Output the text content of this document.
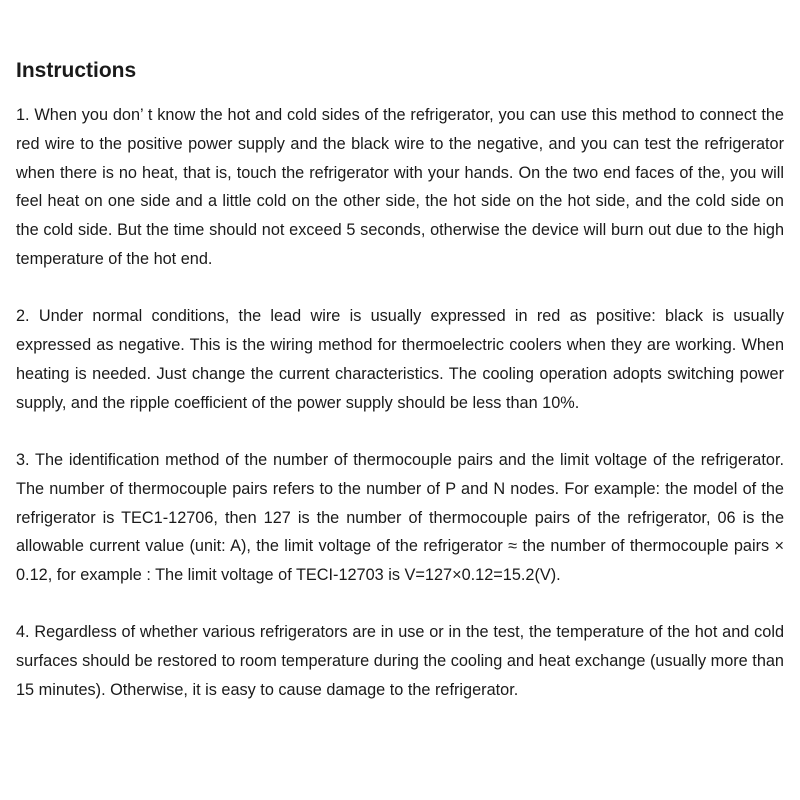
Instructions

1. When you don’ t know the hot and cold sides of the refrigerator, you can use this method to connect the red wire to the positive power supply and the black wire to the negative, and you can test the refrigerator when there is no heat, that is, touch the refrigerator with your hands. On the two end faces of the, you will feel heat on one side and a little cold on the other side, the hot side on the hot side, and the cold side on the cold side. But the time should not exceed 5 seconds, otherwise the device will burn out due to the high temperature of the hot end.

2. Under normal conditions, the lead wire is usually expressed in red as positive: black is usually expressed as negative. This is the wiring method for thermoelectric coolers when they are working. When heating is needed. Just change the current characteristics. The cooling operation adopts switching power supply, and the ripple coefficient of the power supply should be less than 10%.

3. The identification method of the number of thermocouple pairs and the limit voltage of the refrigerator. The number of thermocouple pairs refers to the number of P and N nodes. For example: the model of the refrigerator is TEC1-12706, then 127 is the number of thermocouple pairs of the refrigerator, 06 is the allowable current value (unit: A), the limit voltage of the refrigerator ≈ the number of thermocouple pairs × 0.12, for example : The limit voltage of TECI-12703 is V=127×0.12=15.2(V).

4. Regardless of whether various refrigerators are in use or in the test, the temperature of the hot and cold surfaces should be restored to room temperature during the cooling and heat exchange (usually more than 15 minutes). Otherwise, it is easy to cause damage to the refrigerator.
